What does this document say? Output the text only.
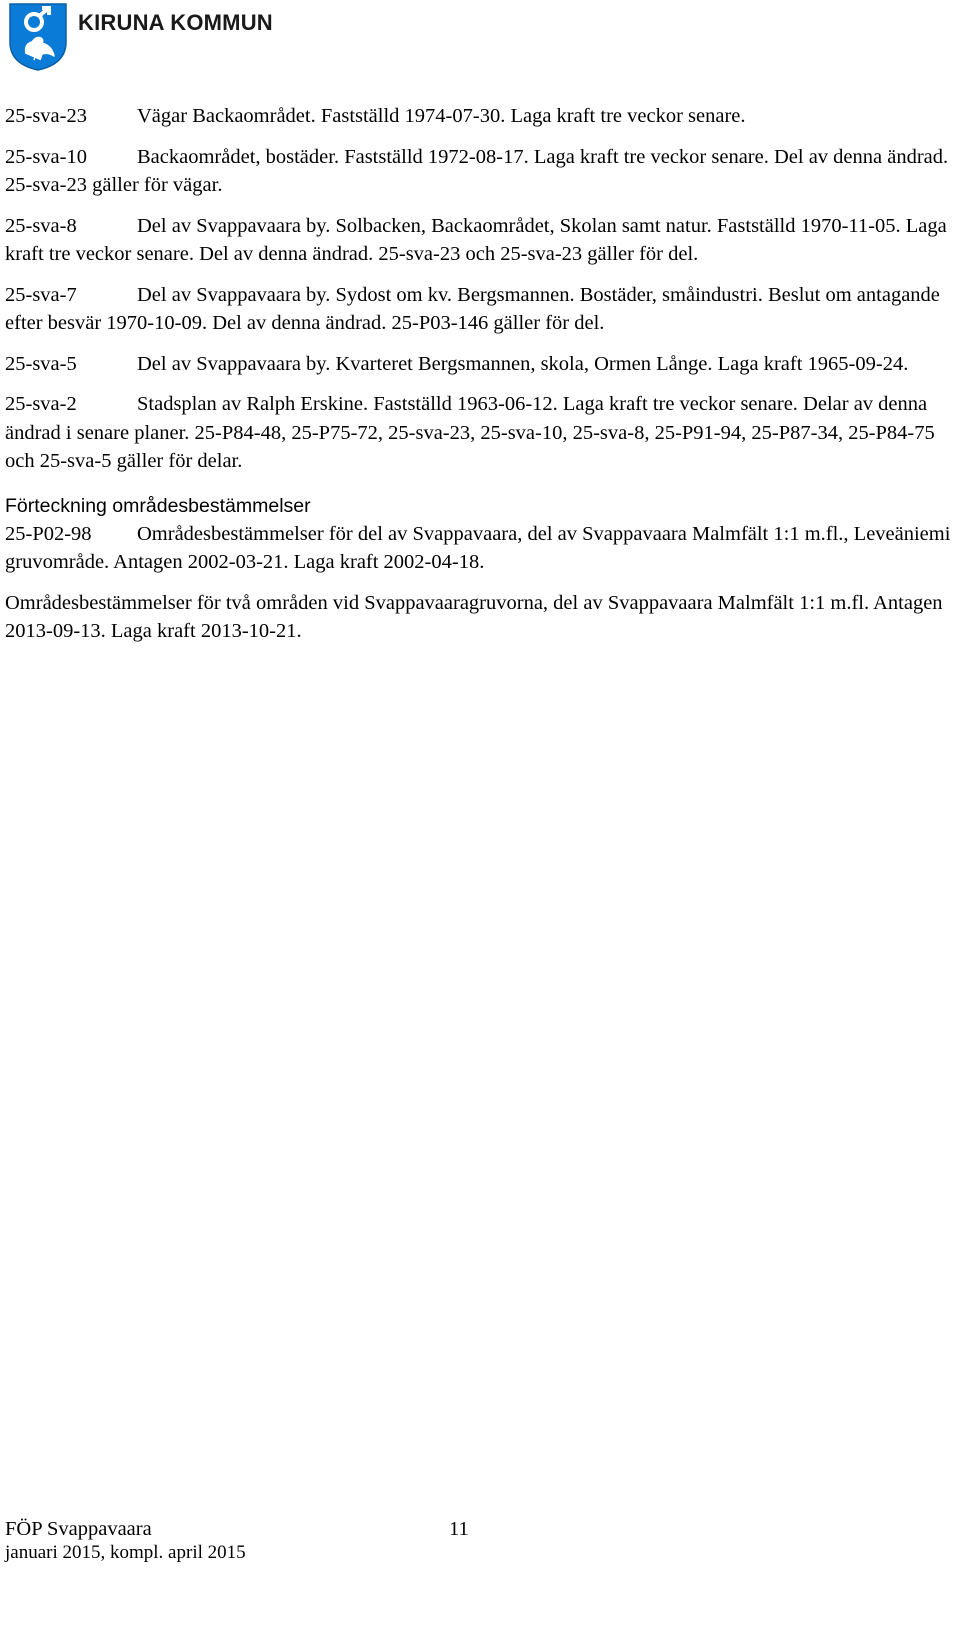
KIRUNA KOMMUN
25-sva-23 Vägar Backaområdet. Fastställd 1974-07-30. Laga kraft tre veckor senare.
25-sva-10 Backaområdet, bostäder. Fastställd 1972-08-17. Laga kraft tre veckor senare. Del av denna ändrad. 25-sva-23 gäller för vägar.
25-sva-8	Del av Svappavaara by. Solbacken, Backaområdet, Skolan samt natur. Fastställd 1970-11-05. Laga kraft tre veckor senare. Del av denna ändrad. 25-sva-23 och 25-sva-23 gäller för del.
25-sva-7	Del av Svappavaara by. Sydost om kv. Bergsmannen. Bostäder, småindustri. Beslut om antagande efter besvär 1970-10-09. Del av denna ändrad. 25-P03-146 gäller för del.
25-sva-5	Del av Svappavaara by. Kvarteret Bergsmannen, skola, Ormen Långe. Laga kraft 1965-09-24.
25-sva-2	Stadsplan av Ralph Erskine. Fastställd 1963-06-12. Laga kraft tre veckor senare. Delar av denna ändrad i senare planer. 25-P84-48, 25-P75-72, 25-sva-23, 25-sva-10, 25-sva-8, 25-P91-94, 25-P87-34, 25-P84-75 och 25-sva-5 gäller för delar.
Förteckning områdesbestämmelser
25-P02-98 Områdesbestämmelser för del av Svappavaara, del av Svappavaara Malmfält 1:1 m.fl., Leveäniemi gruvområde. Antagen 2002-03-21. Laga kraft 2002-04-18.
Områdesbestämmelser för två områden vid Svappavaaragruvorna, del av Svappavaara Malmfält 1:1 m.fl. Antagen 2013-09-13. Laga kraft 2013-10-21.
FÖP Svappavaara	11
januari 2015, kompl. april 2015
